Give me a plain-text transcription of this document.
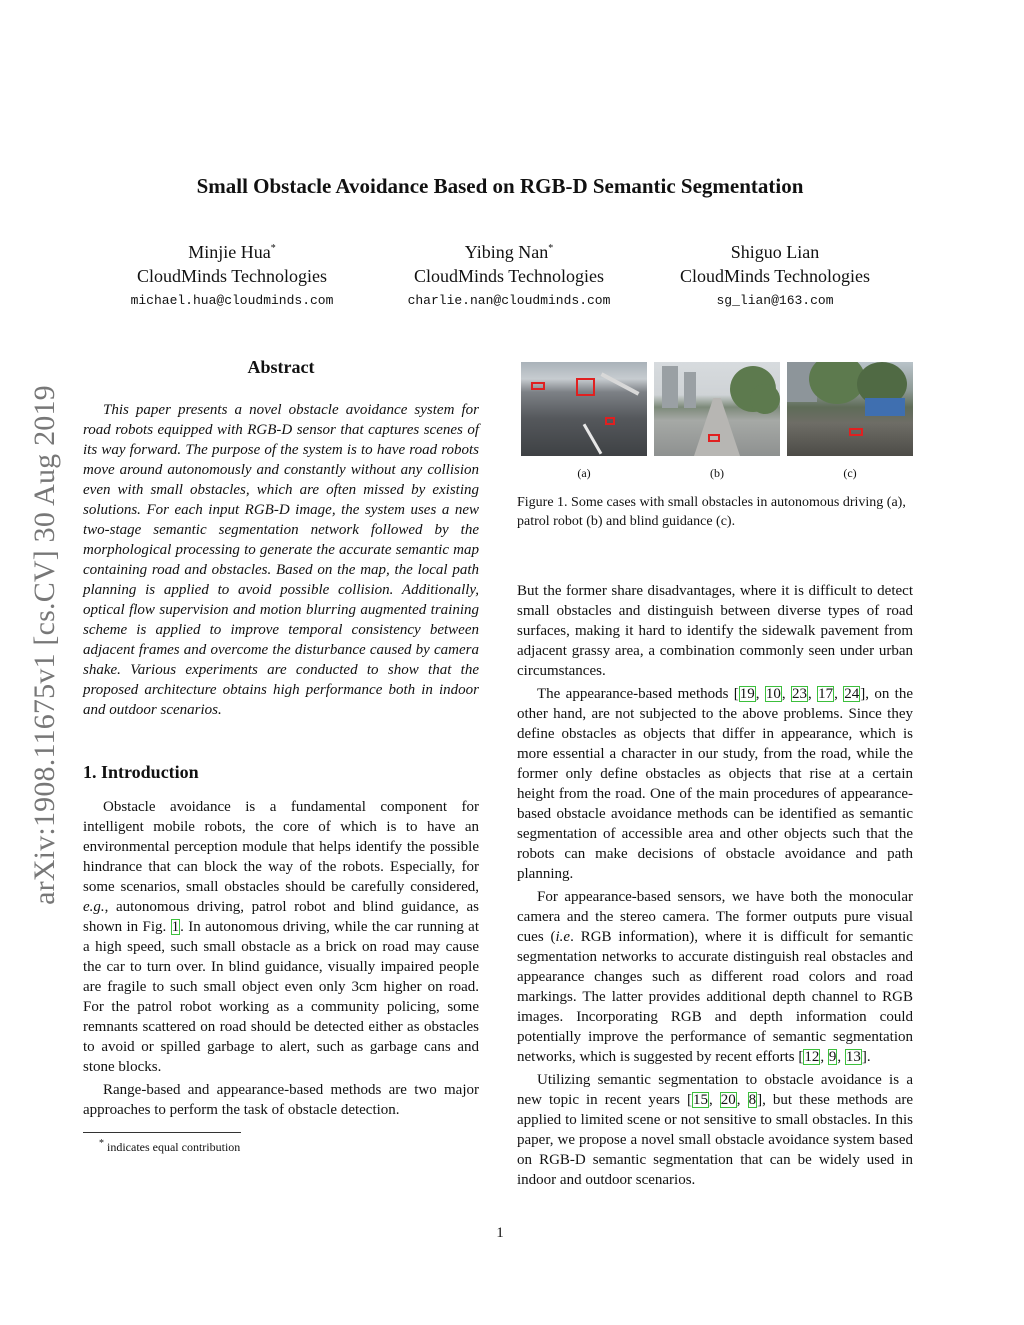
arXiv:1908.11675v1 [cs.CV] 30 Aug 2019
Small Obstacle Avoidance Based on RGB-D Semantic Segmentation
Minjie Hua*
CloudMinds Technologies
michael.hua@cloudminds.com
Yibing Nan*
CloudMinds Technologies
charlie.nan@cloudminds.com
Shiguo Lian
CloudMinds Technologies
sg_lian@163.com
Abstract

This paper presents a novel obstacle avoidance system for road robots equipped with RGB-D sensor that captures scenes of its way forward. The purpose of the system is to have road robots move around autonomously and constantly without any collision even with small obstacles, which are often missed by existing solutions. For each input RGB-D image, the system uses a new two-stage semantic segmentation network followed by the morphological processing to generate the accurate semantic map containing road and obstacles. Based on the map, the local path planning is applied to avoid possible collision. Additionally, optical flow supervision and motion blurring augmented training scheme is applied to improve temporal consistency between adjacent frames and overcome the disturbance caused by camera shake. Various experiments are conducted to show that the proposed architecture obtains high performance both in indoor and outdoor scenarios.

1. Introduction

Obstacle avoidance is a fundamental component for intelligent mobile robots, the core of which is to have an environmental perception module that helps identify the possible hindrance that can block the way of the robots. Especially, for some scenarios, small obstacles should be carefully considered, e.g., autonomous driving, patrol robot and blind guidance, as shown in Fig. 1. In autonomous driving, while the car running at a high speed, such small obstacle as a brick on road may cause the car to turn over. In blind guidance, visually impaired people are fragile to such small object even only 3cm higher on road. For the patrol robot working as a community policing, some remnants scattered on road should be detected either as obstacles to avoid or spilled garbage to alert, such as garbage cans and stone blocks.

Range-based and appearance-based methods are two major approaches to perform the task of obstacle detection.

* indicates equal contribution
(a)	(b)	(c)

Figure 1. Some cases with small obstacles in autonomous driving (a), patrol robot (b) and blind guidance (c).

But the former share disadvantages, where it is difficult to detect small obstacles and distinguish between diverse types of road surfaces, making it hard to identify the sidewalk pavement from adjacent grassy area, a combination commonly seen under urban circumstances.

The appearance-based methods [19, 10, 23, 17, 24], on the other hand, are not subjected to the above problems. Since they define obstacles as objects that differ in appearance, which is more essential a character in our study, from the road, while the former only define obstacles as objects that rise at a certain height from the road. One of the main procedures of appearance-based obstacle avoidance methods can be identified as semantic segmentation of accessible area and other objects such that the robots can make decisions of obstacle avoidance and path planning.

For appearance-based sensors, we have both the monocular camera and the stereo camera. The former outputs pure visual cues (i.e. RGB information), where it is difficult for semantic segmentation networks to accurate distinguish real obstacles and appearance changes such as different road colors and road markings. The latter provides additional depth channel to RGB images. Incorporating RGB and depth information could potentially improve the performance of semantic segmentation networks, which is suggested by recent efforts [12, 9, 13].

Utilizing semantic segmentation to obstacle avoidance is a new topic in recent years [15, 20, 8], but these methods are applied to limited scene or not sensitive to small obstacles. In this paper, we propose a novel small obstacle avoidance system based on RGB-D semantic segmentation that can be widely used in indoor and outdoor scenarios.

1
